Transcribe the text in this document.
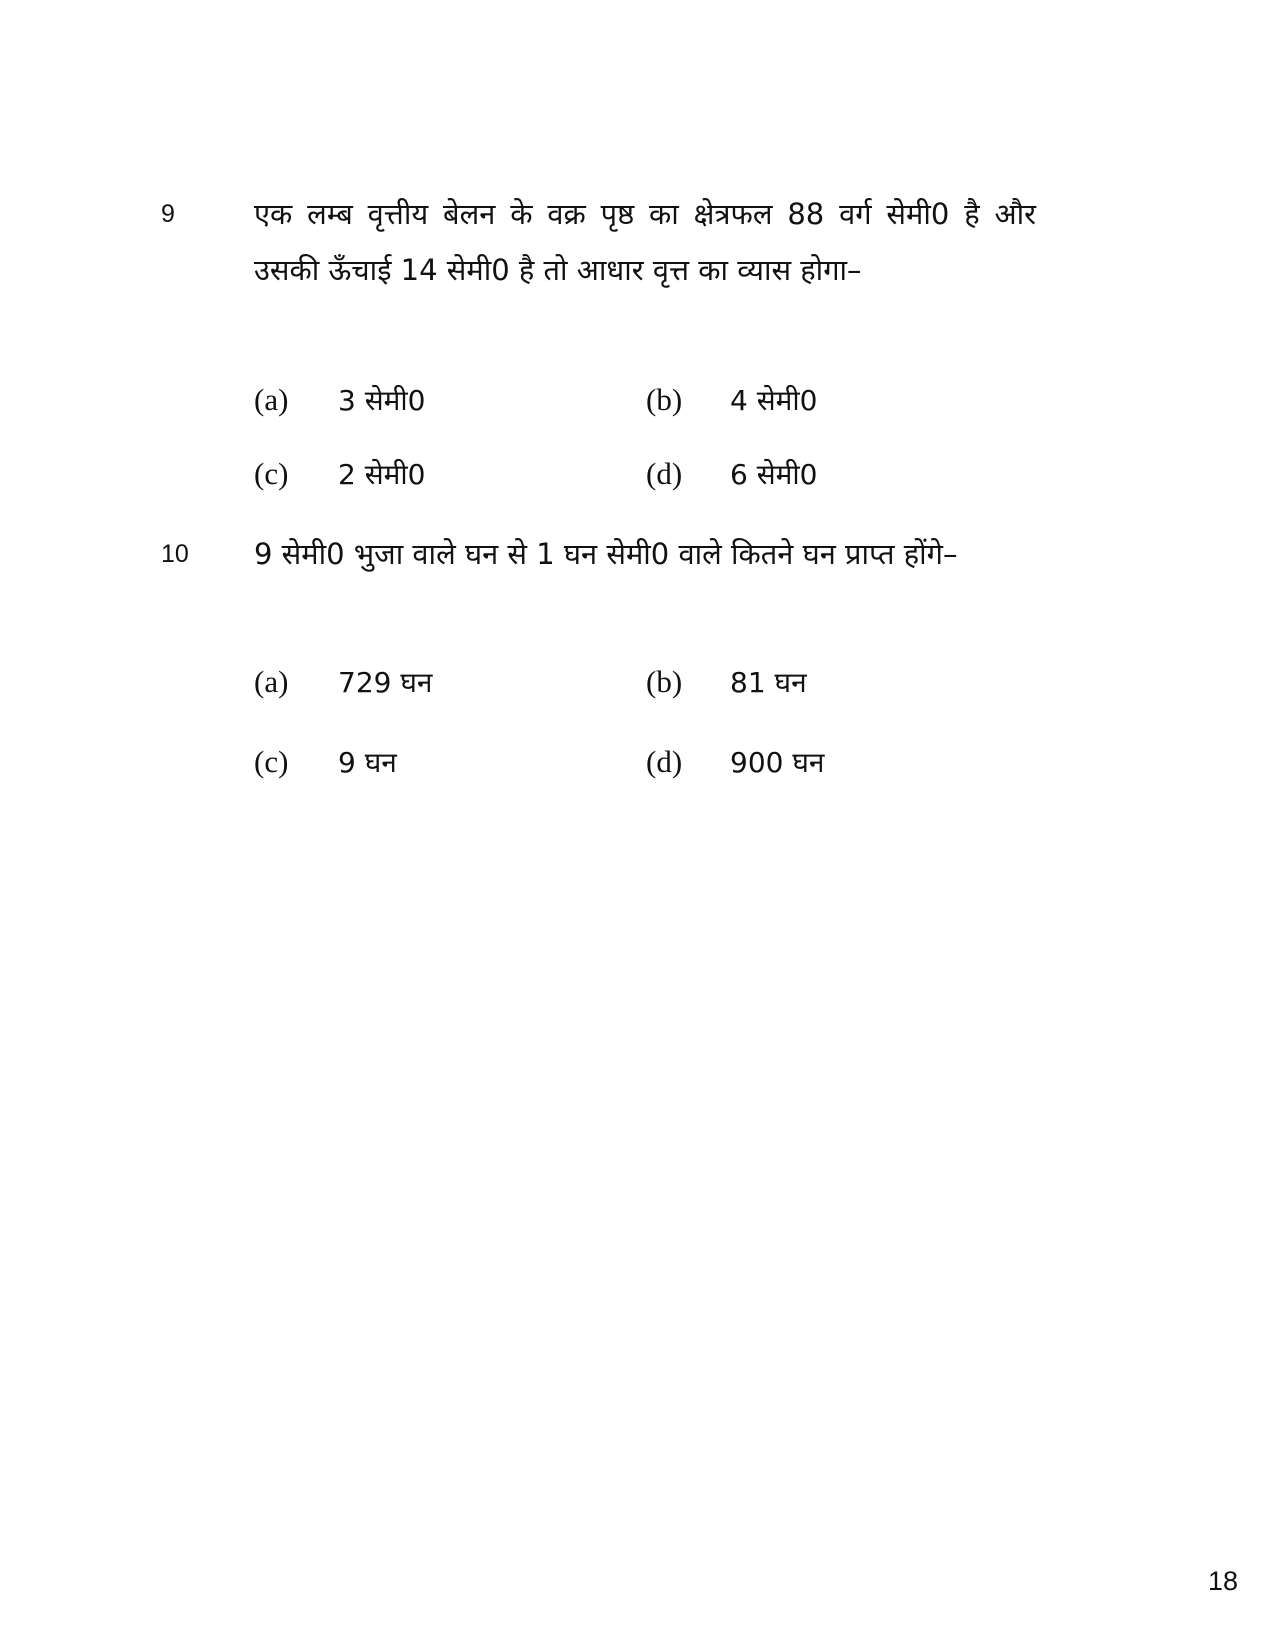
9	एक लम्ब वृत्तीय बेलन के वक्र पृष्ठ का क्षेत्रफल 88 वर्ग सेमी0 है और उसकी ऊँचाई 14 सेमी0 है तो आधार वृत्त का व्यास होगा–
(a) 3 सेमी0	(b) 4 सेमी0
(c) 2 सेमी0	(d) 6 सेमी0
10 9 सेमी0 भुजा वाले घन से 1 घन सेमी0 वाले कितने घन प्राप्त होंगे–
(a) 729 घन	(b) 81 घन
(c) 9 घन	(d) 900 घन
18
